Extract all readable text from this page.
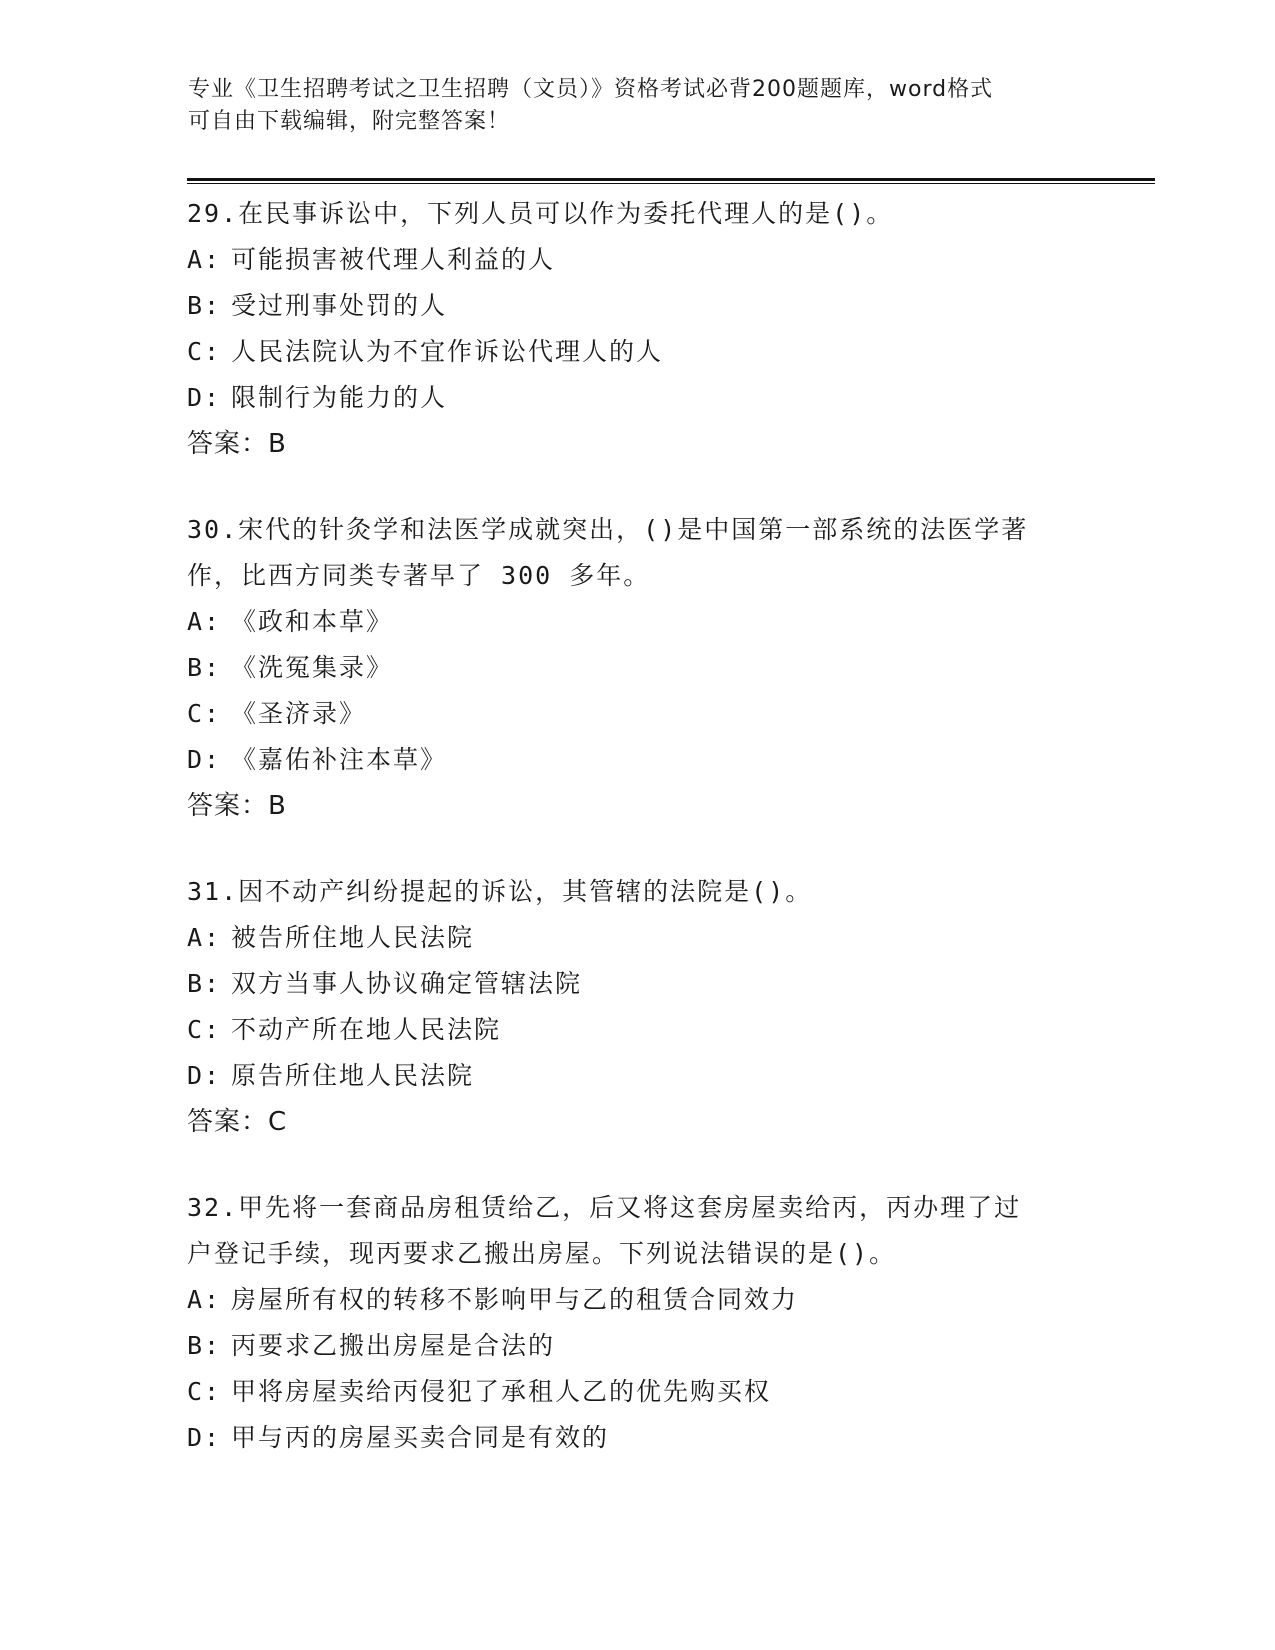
专业《卫生招聘考试之卫生招聘（文员）》资格考试必背200题题库，word格式
可自由下载编辑，附完整答案！
29.在民事诉讼中，下列人员可以作为委托代理人的是()。
A: 可能损害被代理人利益的人
B: 受过刑事处罚的人
C: 人民法院认为不宜作诉讼代理人的人
D: 限制行为能力的人
答案：B
30.宋代的针灸学和法医学成就突出，()是中国第一部系统的法医学著
作，比西方同类专著早了 300 多年。
A: 《政和本草》
B: 《洗冤集录》
C: 《圣济录》
D: 《嘉佑补注本草》
答案：B
31.因不动产纠纷提起的诉讼，其管辖的法院是()。
A: 被告所住地人民法院
B: 双方当事人协议确定管辖法院
C: 不动产所在地人民法院
D: 原告所住地人民法院
答案：C
32.甲先将一套商品房租赁给乙，后又将这套房屋卖给丙，丙办理了过
户登记手续，现丙要求乙搬出房屋。下列说法错误的是()。
A: 房屋所有权的转移不影响甲与乙的租赁合同效力
B: 丙要求乙搬出房屋是合法的
C: 甲将房屋卖给丙侵犯了承租人乙的优先购买权
D: 甲与丙的房屋买卖合同是有效的
